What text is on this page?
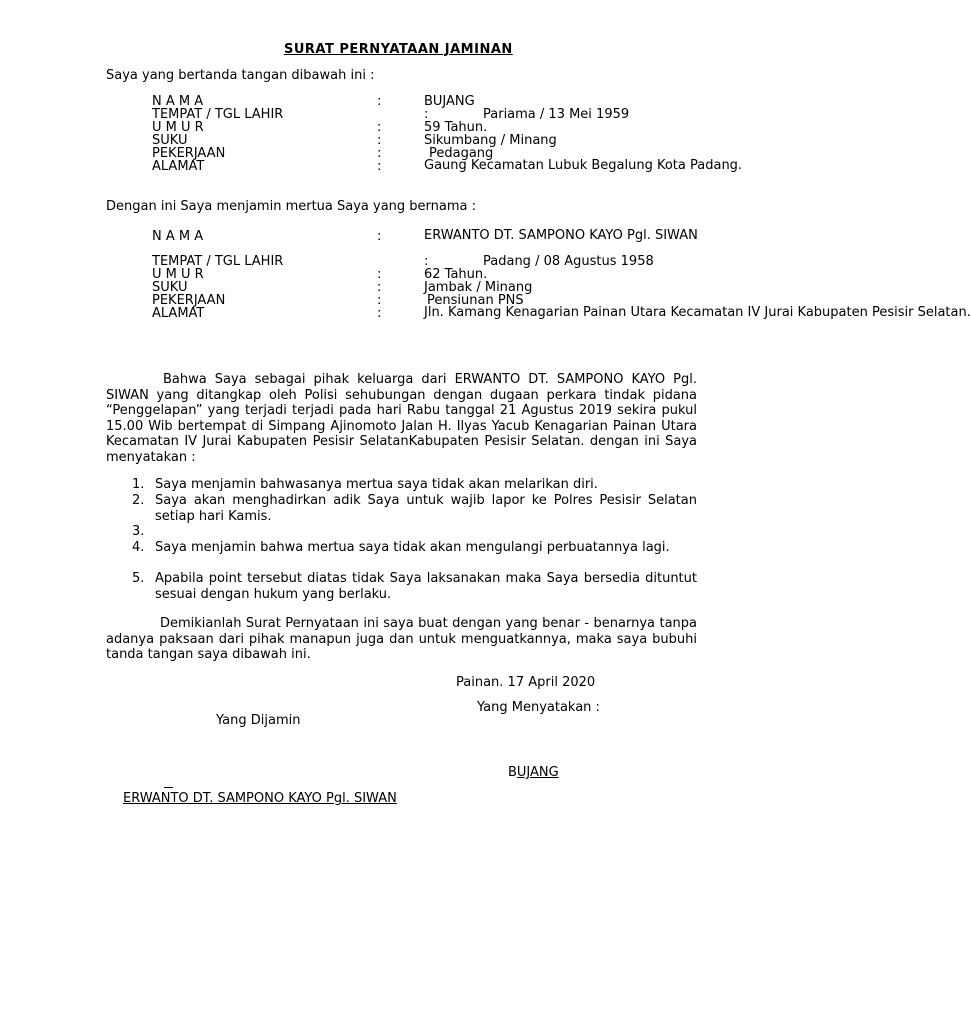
SURAT PERNYATAAN JAMINAN
Saya yang bertanda tangan dibawah ini :
N A M A	:	BUJANG
TEMPAT / TGL LAHIR	:	Pariama / 13 Mei 1959
U M U R	:	59 Tahun.
SUKU	:	Sikumbang / Minang
PEKERJAAN	:	Pedagang
ALAMAT	:	Gaung Kecamatan Lubuk Begalung Kota Padang.
Dengan ini Saya menjamin mertua Saya yang bernama :
N A M A	:	ERWANTO DT. SAMPONO KAYO Pgl. SIWAN
TEMPAT / TGL LAHIR	:	Padang / 08 Agustus 1958
U M U R	:	62 Tahun.
SUKU	:	Jambak / Minang
PEKERJAAN	:	Pensiunan PNS
ALAMAT	:	Jln. Kamang Kenagarian Painan Utara Kecamatan IV Jurai Kabupaten Pesisir Selatan.
Bahwa Saya sebagai pihak keluarga dari ERWANTO DT. SAMPONO KAYO Pgl. SIWAN yang ditangkap oleh Polisi sehubungan dengan dugaan perkara tindak pidana “Penggelapan” yang terjadi terjadi pada hari Rabu tanggal 21 Agustus 2019 sekira pukul 15.00 Wib bertempat di Simpang Ajinomoto Jalan H. Ilyas Yacub Kenagarian Painan Utara Kecamatan IV Jurai Kabupaten Pesisir SelatanKabupaten Pesisir Selatan. dengan ini Saya menyatakan :
1. Saya menjamin bahwasanya mertua saya tidak akan melarikan diri.
2. Saya akan menghadirkan adik Saya untuk wajib lapor ke Polres Pesisir Selatan setiap hari Kamis.
3.
4. Saya menjamin bahwa mertua saya tidak akan mengulangi perbuatannya lagi.
5. Apabila point tersebut diatas tidak Saya laksanakan maka Saya bersedia dituntut sesuai dengan hukum yang berlaku.
Demikianlah Surat Pernyataan ini saya buat dengan yang benar - benarnya tanpa adanya paksaan dari pihak manapun juga dan untuk menguatkannya, maka saya bubuhi tanda tangan saya dibawah ini.
Painan. 17 April 2020
Yang Menyatakan :
Yang Dijamin
BUJANG
ERWANTO DT. SAMPONO KAYO Pgl. SIWAN
